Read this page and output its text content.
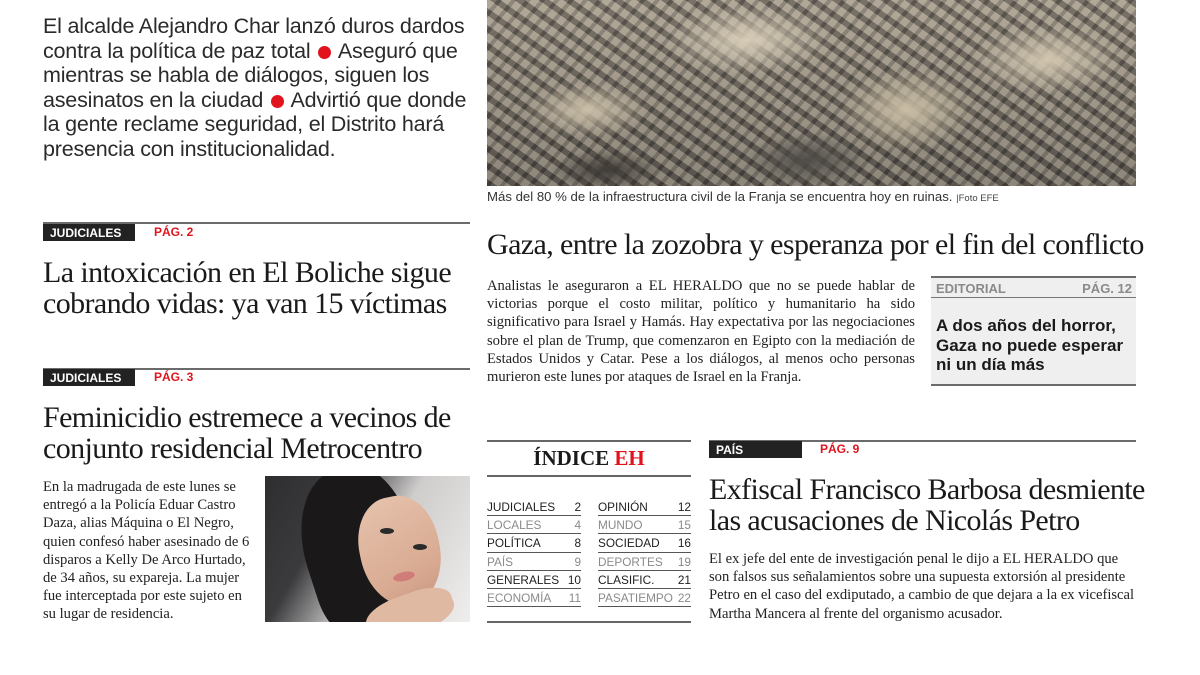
El alcalde Alejandro Char lanzó duros dardos contra la política de paz total Aseguró que mientras se habla de diálogos, siguen los asesinatos en la ciudad Advirtió que donde la gente reclame seguridad, el Distrito hará presencia con institucionalidad.
Más del 80 % de la infraestructura civil de la Franja se encuentra hoy en ruinas. |Foto EFE
JUDICIALES	PÁG. 2
La intoxicación en El Boliche sigue cobrando vidas: ya van 15 víctimas
JUDICIALES	PÁG. 3
Feminicidio estremece a vecinos de conjunto residencial Metrocentro
En la madrugada de este lunes se entregó a la Policía Eduar Castro Daza, alias Máquina o El Negro, quien confesó haber asesinado de 6 disparos a Kelly De Arco Hurtado, de 34 años, su expareja. La mujer fue interceptada por este sujeto en su lugar de residencia.
Gaza, entre la zozobra y esperanza por el fin del conflicto
Analistas le aseguraron a EL HERALDO que no se puede hablar de victorias porque el costo militar, político y humanitario ha sido significativo para Israel y Hamás. Hay expectativa por las negociaciones sobre el plan de Trump, que comenzaron en Egipto con la mediación de Estados Unidos y Catar. Pese a los diálogos, al menos ocho personas murieron este lunes por ataques de Israel en la Franja.
EDITORIAL	PÁG. 12
A dos años del horror, Gaza no puede esperar ni un día más
ÍNDICE EH
JUDICIALES 2
LOCALES	4
POLÍTICA	8
PAÍS	9
GENERALES 10
ECONOMÍA 11
OPINIÓN	12
MUNDO	15
SOCIEDAD 16
DEPORTES 19
CLASIFIC. 21
PASATIEMPO 22
PAÍS	PÁG. 9
Exfiscal Francisco Barbosa desmiente las acusaciones de Nicolás Petro
El ex jefe del ente de investigación penal le dijo a EL HERALDO que son falsos sus señalamientos sobre una supuesta extorsión al presidente Petro en el caso del exdiputado, a cambio de que dejara a la ex vicefiscal Martha Mancera al frente del organismo acusador.
